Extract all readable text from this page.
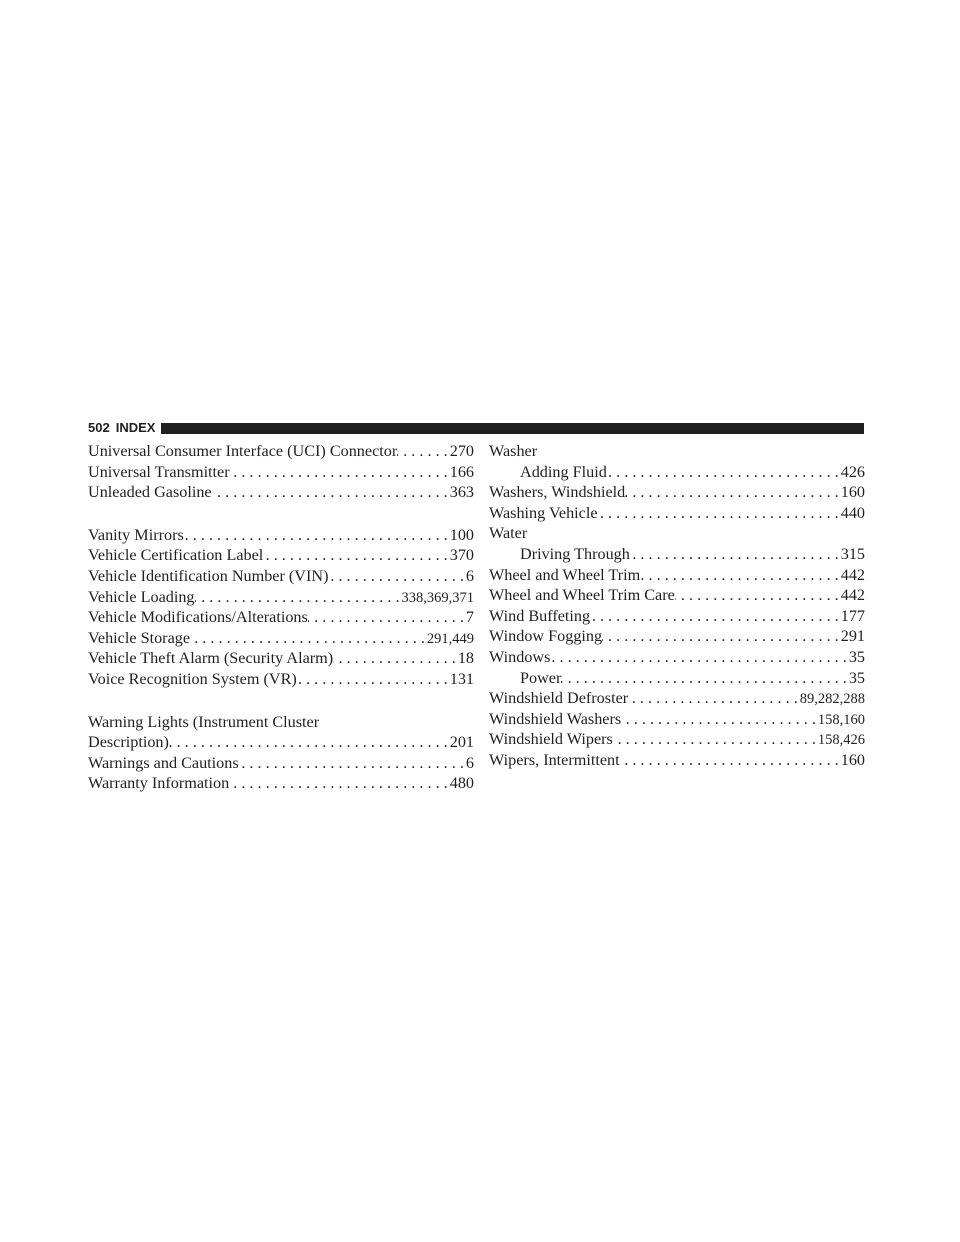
502 INDEX
Universal Consumer Interface (UCI) Connector . . .	270
Universal Transmitter . . .	166
Unleaded Gasoline . . .	363
Vanity Mirrors . . .	100
Vehicle Certification Label . . .	370
Vehicle Identification Number (VIN) . . .	6
Vehicle Loading . . .	338,369,371
Vehicle Modifications/Alterations . . .	7
Vehicle Storage . . .	291,449
Vehicle Theft Alarm (Security Alarm) . . .	18
Voice Recognition System (VR) . . .	131
Warning Lights (Instrument Cluster
Description) . . .	201
Warnings and Cautions . . .	6
Warranty Information . . .	480
Washer
Adding Fluid . . .	426
Washers, Windshield . . .	160
Washing Vehicle . . .	440
Water
Driving Through . . .	315
Wheel and Wheel Trim . . .	442
Wheel and Wheel Trim Care . . .	442
Wind Buffeting . . .	177
Window Fogging . . .	291
Windows . . .	35
Power . . .	35
Windshield Defroster . . .	89,282,288
Windshield Washers . . .	158,160
Windshield Wipers . . .	158,426
Wipers, Intermittent . . .	160
